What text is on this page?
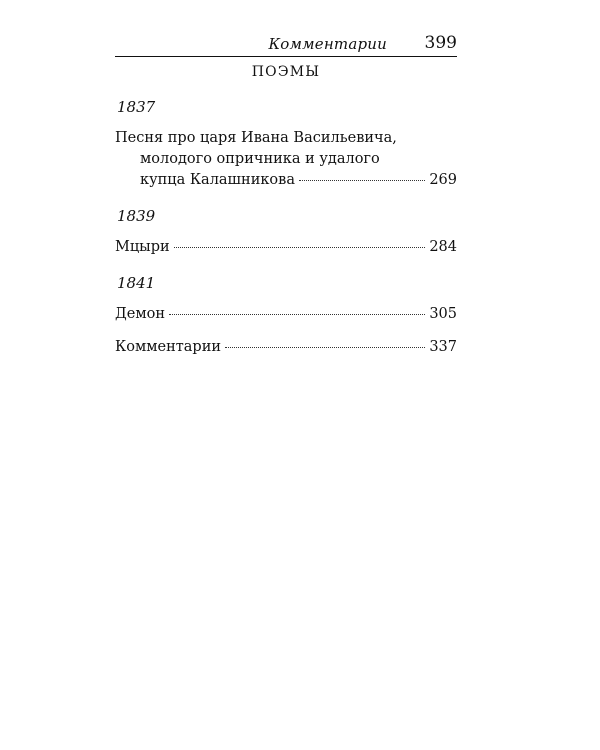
Комментарии 399
ПОЭМЫ
1837
Песня про царя Ивана Васильевича,
молодого опричника и удалого
купца Калашникова	269
1839
Мцыри	284
1841
Демон	305
Комментарии	337
